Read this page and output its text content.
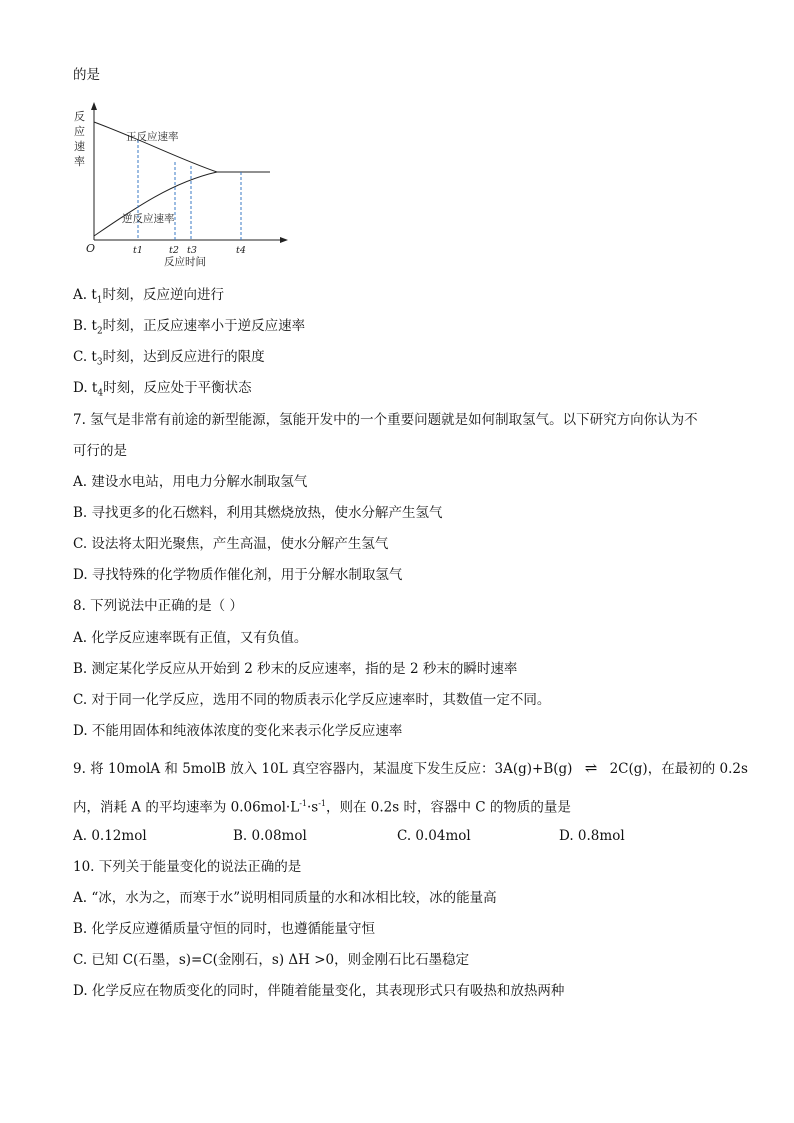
的是
反
应
速
率
正反应速率
逆反应速率
O	t1	t2 t3	t4
反应时间
A. $t_1$时刻，反应逆向进行
B. $t_2$时刻，正反应速率小于逆反应速率
C. $t_3$时刻，达到反应进行的限度
D. $t_4$时刻，反应处于平衡状态
7. 氢气是非常有前途的新型能源，氢能开发中的一个重要问题就是如何制取氢气。以下研究方向你认为不
可行的是
A. 建设水电站，用电力分解水制取氢气
B. 寻找更多的化石燃料，利用其燃烧放热，使水分解产生氢气
C. 设法将太阳光聚焦，产生高温，使水分解产生氢气
D. 寻找特殊的化学物质作催化剂，用于分解水制取氢气
8. 下列说法中正确的是（ ）
A. 化学反应速率既有正值，又有负值。
B. 测定某化学反应从开始到 2 秒末的反应速率，指的是 2 秒末的瞬时速率
C. 对于同一化学反应，选用不同的物质表示化学反应速率时，其数值一定不同。
D. 不能用固体和纯液体浓度的变化来表示化学反应速率
9. 将 10molA 和 5molB 放入 10L 真空容器内，某温度下发生反应：3A(g)+B(g) ⇌ 2C(g)，在最初的 0.2s
内，消耗 A 的平均速率为 $0.06mol\cdot L^{-1}\cdot s^{-1}$，则在 0.2s 时，容器中 C 的物质的量是
A. 0.12mol	B. 0.08mol	C. 0.04mol	D. 0.8mol
10. 下列关于能量变化的说法正确的是
A. “冰，水为之，而寒于水”说明相同质量的水和冰相比较，冰的能量高
B. 化学反应遵循质量守恒的同时，也遵循能量守恒
C. 已知 C(石墨，s)=C(金刚石，s) ΔH >0，则金刚石比石墨稳定
D. 化学反应在物质变化的同时，伴随着能量变化，其表现形式只有吸热和放热两种
